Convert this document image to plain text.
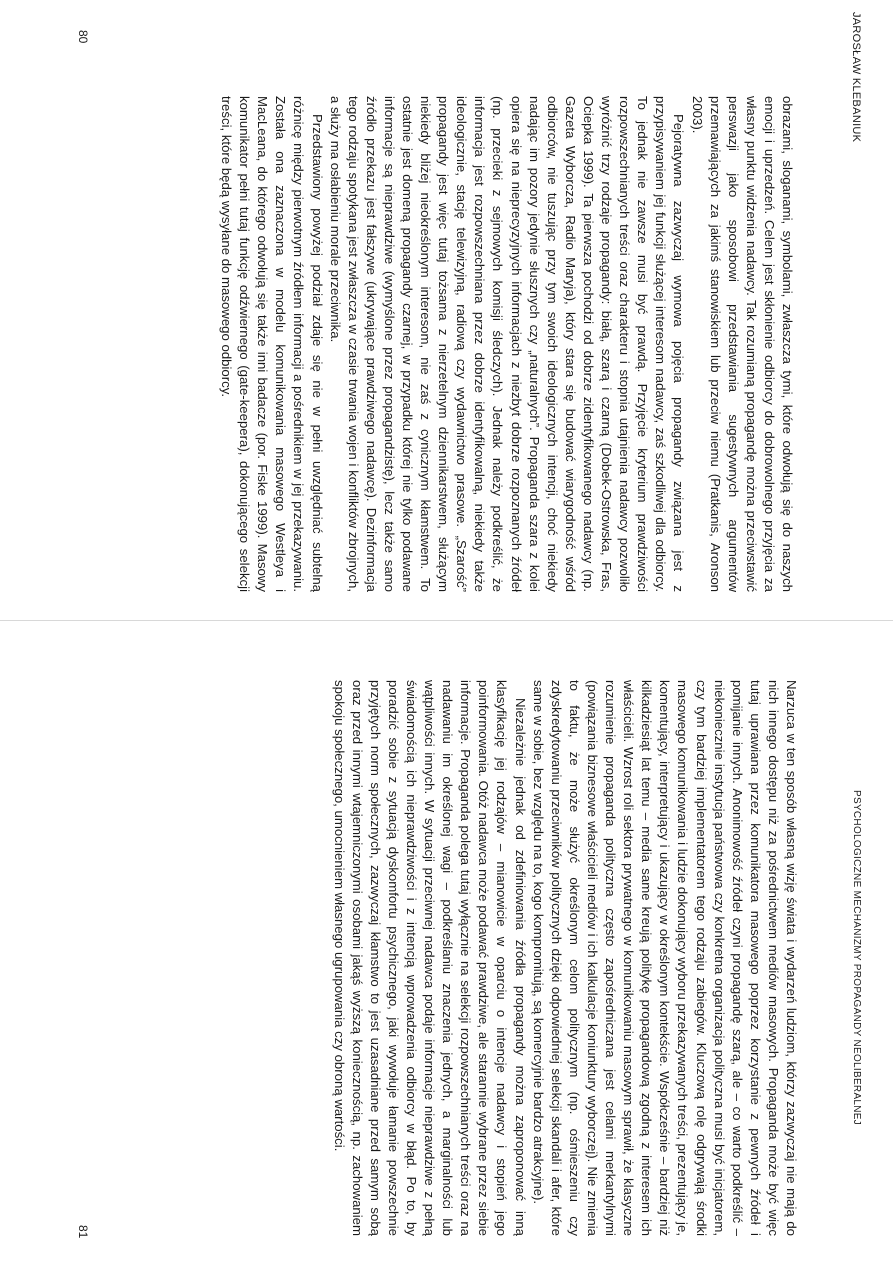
JAROSŁAW KLEBANIUK

obrazami, sloganami, symbolami, zwłaszcza tymi, które odwołują się do naszych emocji i uprzedzeń. Celem jest skłonienie odbiorcy do dobrowolnego przyjęcia za własny punktu widzenia nadawcy. Tak rozumianą propagandę można przeciwstawić perswazji jako sposobowi przedstawiania sugestywnych argumentów przemawiających za jakimś stanowiskiem lub przeciw niemu (Pratkanis, Aronson 2003).

Pejoratywna zazwyczaj wymowa pojęcia propagandy związana jest z przypisywaniem jej funkcji służącej interesom nadawcy, zaś szkodliwej dla odbiorcy. To jednak nie zawsze musi być prawdą. Przyjęcie kryterium prawdziwości rozpowszechnianych treści oraz charakteru i stopnia utajnienia nadawcy pozwoliło wyróżnić trzy rodzaje propagandy: białą, szarą i czarną (Dobek-Ostrowska, Fras, Ociepka 1999). Ta pierwsza pochodzi od dobrze zidentyfikowanego nadawcy (np. Gazeta Wyborcza, Radio Maryja), który stara się budować wiarygodność wśród odbiorców, nie tuszując przy tym swoich ideologicznych intencji, choć niekiedy nadając im pozory jedynie słusznych czy „naturalnych”. Propaganda szara z kolei opiera się na nieprecyzyjnych informacjach z niezbyt dobrze rozpoznanych źródeł (np. przecieki z sejmowych komisji śledczych). Jednak należy podkreślić, że informacja jest rozpowszechniana przez dobrze identyfikowalną, niekiedy także ideologicznie, stację telewizyjną, radiową czy wydawnictwo prasowe. „Szarość” propagandy jest więc tutaj tożsama z nierzetelnym dziennikarstwem, służącym niekiedy bliżej nieokreślonym interesom, nie zaś z cynicznym kłamstwem. To ostatnie jest domeną propagandy czarnej, w przypadku której nie tylko podawane informacje są nieprawdziwe (wymyślone przez propagandzistę), lecz także samo źródło przekazu jest fałszywe (ukrywające prawdziwego nadawcę). Dezinformacja tego rodzaju spotykana jest zwłaszcza w czasie trwania wojen i konfliktów zbrojnych, a służy ma osłabieniu morale przeciwnika.

Przedstawiony powyżej podział zdaje się nie w pełni uwzględniać subtelną różnicę między pierwotnym źródłem informacji a pośrednikiem w jej przekazywaniu. Została ona zaznaczona w modelu komunikowania masowego Westleya i MacLeana, do którego odwołują się także inni badacze (por. Fiske 1999). Masowy komunikator pełni tutaj funkcję odźwiernego (gate-keepera), dokonującego selekcji treści, które będą wysyłane do masowego odbiorcy.

80
PSYCHOLOGICZNE MECHANIZMY PROPAGANDY NEOLIBERALNEJ

Narzuca w ten sposób własną wizję świata i wydarzeń ludziom, którzy zazwyczaj nie mają do nich innego dostępu niż za pośrednictwem mediów masowych. Propaganda może być więc tutaj uprawiana przez komunikatora masowego poprzez korzystanie z pewnych źródeł i pomijanie innych. Anonimowość źródeł czyni propagandę szarą, ale – co warto podkreślić – niekoniecznie instytucja państwowa czy konkretna organizacja polityczna musi być inicjatorem, czy tym bardziej implementatorem tego rodzaju zabiegów. Kluczową rolę odgrywają środki masowego komunikowania i ludzie dokonujący wyboru przekazywanych treści, prezentujący je, komentujący, interpretujący i ukazujący w określonym kontekście. Współcześnie – bardziej niż kilkadziesiąt lat temu – media same kreują politykę propagandową zgodną z interesem ich właścicieli. Wzrost roli sektora prywatnego w komunikowaniu masowym sprawił, że klasyczne rozumienie propaganda polityczna często zapośredniczana jest celami merkantylnymi (powiązania biznesowe właścicieli mediów i ich kalkulacje koniunktury wyborczej). Nie zmienia to faktu, że może służyć określonym celom politycznym (np. ośmieszeniu czy zdyskredytowaniu przeciwników politycznych dzięki odpowiedniej selekcji skandali i afer, które same w sobie, bez względu na to, kogo kompromitują, są komercyjnie bardzo atrakcyjne).

Niezależnie jednak od zdefiniowania źródła propagandy można zaproponować inną klasyfikację jej rodzajów – mianowicie w oparciu o intencje nadawcy i stopień jego poinformowania. Otóż nadawca może podawać prawdziwe, ale starannie wybrane przez siebie informacje. Propaganda polega tutaj wyłącznie na selekcji rozpowszechnianych treści oraz na nadawaniu im określonej wagi – podkreślaniu znaczenia jednych, a marginalności lub wątpliwości innych. W sytuacji przeciwnej nadawca podaje informacje nieprawdziwe z pełną świadomością ich nieprawdziwości i z intencją wprowadzenia odbiorcy w błąd. Po to, by poradzić sobie z sytuacją dyskomfortu psychicznego, jaki wywołuje łamanie powszechnie przyjętych norm społecznych, zazwyczaj kłamstwo to jest uzasadniane przed samym sobą oraz przed innymi wtajemniczonymi osobami jakąś wyższą koniecznością, np. zachowaniem spokoju społecznego, umocnieniem własnego ugrupowania czy obroną wartości.

81
